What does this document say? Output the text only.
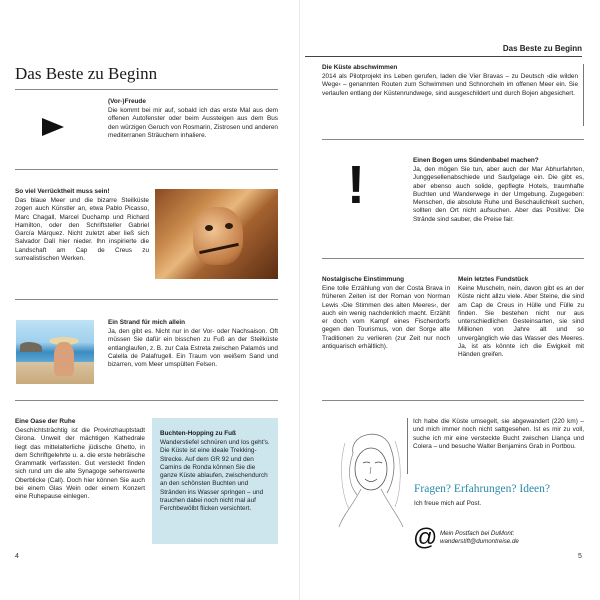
Das Beste zu Beginn
(Vor-)Freude

Die kommt bei mir auf, sobald ich das erste Mal aus dem offenen Autofenster oder beim Aussteigen aus dem Bus den würzigen Geruch von Rosmarin, Zistrosen und anderen mediterranen Sträuchern inhaliere.

So viel Verrücktheit muss sein!

Das blaue Meer und die bizarre Steilküste zogen auch Künstler an, etwa Pablo Picasso, Marc Chagall, Marcel Duchamp und Richard Hamilton, oder den Schriftsteller Gabriel García Márquez. Nicht zuletzt aber ließ sich Salvador Dalí hier nieder. Ihn inspirierte die Landschaft am Cap de Creus zu surrealistischen Werken.

Ein Strand für mich allein

Ja, den gibt es. Nicht nur in der Vor- oder Nachsaison. Oft müssen Sie dafür ein bisschen zu Fuß an der Steilküste entlanglaufen, z. B. zur Cala Estreta zwischen Palamós und Calella de Palafrugell. Ein Traum von weißem Sand und bizarren, vom Meer umspülten Felsen.

Eine Oase der Ruhe

Geschichtsträchtig ist die Provinzhauptstadt Girona. Unweit der mächtigen Kathedrale liegt das mittelalterliche jüdische Ghetto, in dem Schriftgelehrte u. a. die erste hebräische Grammatik verfassten. Gut versteckt finden sich rund um die alte Synagoge sehenswerte Oberblicke (Call). Doch hier können Sie auch bei einem Glas Wein oder einem Konzert eine Ruhepause einlegen.

Buchten-Hopping zu Fuß

Wanderstiefel schnüren und los geht's. Die Küste ist eine ideale Trekking-Strecke. Auf dem GR 92 und den Camins de Ronda können Sie die ganze Küste ablaufen, zwischendurch an den schönsten Buchten und Stränden ins Wasser springen – und trauchen dabei noch nicht mal auf Ferchbewölbt flicken versichtert.

4
Das Beste zu Beginn
Die Küste abschwimmen

2014 als Pilotprojekt ins Leben gerufen, laden die Vier Bravas – zu Deutsch ›die wilden Wege‹ – genannten Routen zum Schwimmen und Schnorcheln im offenen Meer ein. Sie verlaufen entlang der Küstenrundwege, sind ausgeschildert und durch Bojen abgesichert.

!	Einen Bogen ums Sündenbabel machen?

Ja, den mögen Sie tun, aber auch der Mar Abhurfahrten, Junggesellenabschiede und Saufgelage ein. Die gibt es, aber ebenso auch solide, gepflegte Hotels, traumhafte Buchten und Wanderwege in der Umgebung. Zugegeben: Menschen, die absolute Ruhe und Beschaulichkeit suchen, sollten den Ort nicht aufsuchen. Aber das Positive: Die Strände sind sauber, die Preise fair.

Nostalgische Einstimmung

Eine tolle Erzählung von der Costa Brava in früheren Zeiten ist der Roman von Norman Lewis ›Die Stimmen des alten Meeres‹, der auch ein wenig nachdenklich macht. Erzählt er doch vom Kampf eines Fischerdorfs gegen den Tourismus, von der Sorge alte Traditionen zu verlieren (zur Zeit nur noch antiquarisch erhältlich).

Mein letztes Fundstück

Keine Muscheln, nein, davon gibt es an der Küste nicht allzu viele. Aber Steine, die sind am Cap de Creus in Hülle und Fülle zu finden. Sie bestehen nicht nur aus unterschiedlichen Gesteinsarten, sie sind Millionen von Jahre alt und so unvergänglich wie das Wasser des Meeres. Ja, ist als könnte ich die Ewigkeit mit Händen greifen.

Ich habe die Küste umsegelt, sie abgewandert (220 km) – und mich immer noch nicht sattgesehen. Ist es mir zu voll, suche ich mir eine versteckte Bucht zwischen Llança und Colera – und besuche Walter Benjamins Grab in Portbou.

Fragen? Erfahrungen? Ideen?

Ich freue mich auf Post.

@ Mein Postfach bei DuMont:
wanderstift@dumontreise.de
5
